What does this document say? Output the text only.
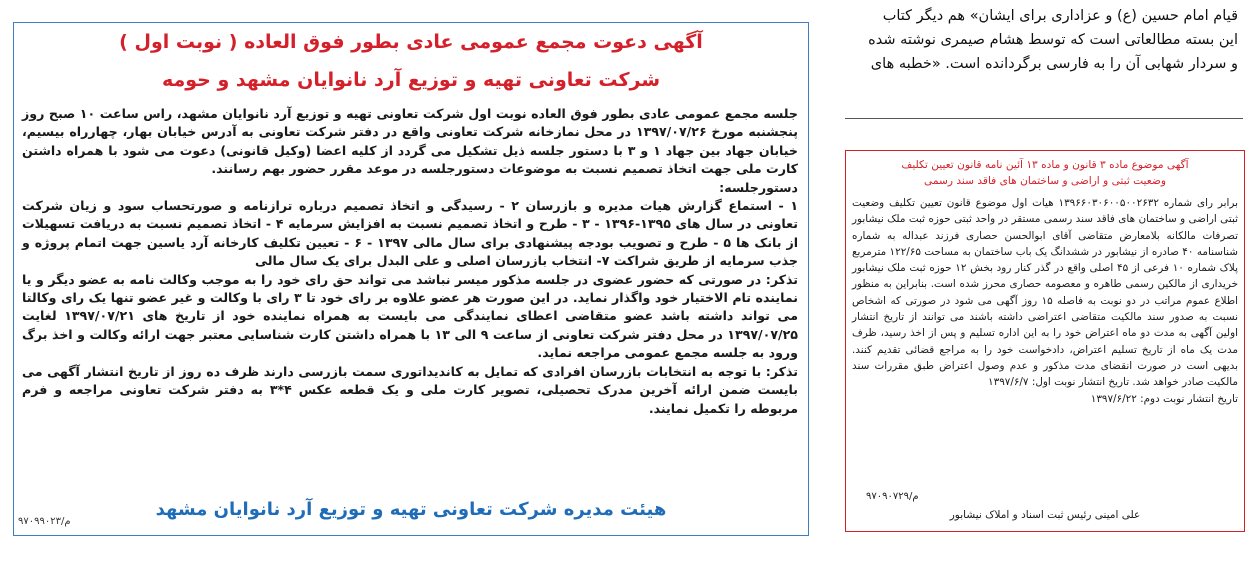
آگهی دعوت مجمع عمومی عادی بطور فوق العاده ( نوبت اول )
شرکت تعاونی تهیه و توزیع آرد نانوایان مشهد و حومه

جلسه مجمع عمومی عادی بطور فوق العاده نوبت اول شرکت تعاونی تهیه و توزیع آرد نانوایان مشهد، راس ساعت ۱۰ صبح روز پنجشنبه مورخ ۱۳۹۷/۰۷/۲۶ در محل نمازخانه شرکت تعاونی واقع در دفتر شرکت تعاونی به آدرس خیابان بهار، چهارراه بیسیم، خیابان جهاد بین جهاد ۱ و ۳ با دستور جلسه ذیل تشکیل می گردد از کلیه اعضا (وکیل قانونی) دعوت می شود با همراه داشتن کارت ملی جهت اتخاذ تصمیم نسبت به موضوعات دستورجلسه در موعد مقرر حضور بهم رسانند.

دستورجلسه:

۱ - استماع گزارش هیات مدیره و بازرسان ۲ - رسیدگی و اتخاذ تصمیم درباره ترازنامه و صورتحساب سود و زیان شرکت تعاونی در سال های ۱۳۹۵-۱۳۹۶ - ۳ - طرح و اتخاذ تصمیم نسبت به افزایش سرمایه ۴ - اتخاذ تصمیم نسبت به دریافت تسهیلات از بانک ها ۵ - طرح و تصویب بودجه پیشنهادی برای سال مالی ۱۳۹۷ - ۶ - تعیین تکلیف کارخانه آرد یاسین جهت اتمام پروژه و جذب سرمایه از طریق شراکت ۷- انتخاب بازرسان اصلی و علی البدل برای یک سال مالی

تذکر: در صورتی که حضور عضوی در جلسه مذکور میسر نباشد می تواند حق رای خود را به موجب وکالت نامه به عضو دیگر و یا نماینده تام الاختیار خود واگذار نماید. در این صورت هر عضو علاوه بر رای خود تا ۳ رای با وکالت و غیر عضو تنها یک رای وکالتا می تواند داشته باشد عضو متقاضی اعطای نمایندگی می بایست به همراه نماینده خود از تاریخ های ۱۳۹۷/۰۷/۲۱ لغایت ۱۳۹۷/۰۷/۲۵ در محل دفتر شرکت تعاونی از ساعت ۹ الی ۱۳ با همراه داشتن کارت شناسایی معتبر جهت ارائه وکالت و اخذ برگ ورود به جلسه مجمع عمومی مراجعه نماید.

تذکر: با توجه به انتخابات بازرسان افرادی که تمایل به کاندیداتوری سمت بازرسی دارند ظرف ده روز از تاریخ انتشار آگهی می بایست ضمن ارائه آخرین مدرک تحصیلی، تصویر کارت ملی و یک قطعه عکس ۴*۳ به دفتر شرکت تعاونی مراجعه و فرم مربوطه را تکمیل نمایند.

هیئت مدیره شرکت تعاونی تهیه و توزیع آرد نانوایان مشهد
۹۷۰۹۹۰۲۳/م

قیام امام حسین (ع) و عزاداری برای ایشان» هم دیگر کتاب

این بسته مطالعاتی است که توسط هشام صیمری نوشته شده

و سردار شهابی آن را به فارسی برگردانده است. «خطبه های

آگهی موضوع ماده ۳ قانون و ماده ۱۳ آئین نامه قانون تعیین تکلیف
وضعیت ثبتی و اراضی و ساختمان های فاقد سند رسمی

برابر رای شماره ۱۳۹۶۶۰۳۰۶۰۰۵۰۰۲۶۳۲ هیات اول موضوع قانون تعیین تکلیف وضعیت ثبتی اراضی و ساختمان های فاقد سند رسمی مستقر در واحد ثبتی حوزه ثبت ملک نیشابور تصرفات مالکانه بلامعارض متقاضی آقای ابوالحسن حصاری فرزند عبداله به شماره شناسنامه ۴۰ صادره از نیشابور در ششدانگ یک باب ساختمان به مساحت ۱۲۲/۶۵ مترمربع پلاک شماره ۱۰ فرعی از ۴۵ اصلی واقع در گذر کنار رود بخش ۱۲ حوزه ثبت ملک نیشابور خریداری از مالکین رسمی طاهره و معصومه حصاری محرز شده است. بنابراین به منظور اطلاع عموم مراتب در دو نوبت به فاصله ۱۵ روز آگهی می شود در صورتی که اشخاص نسبت به صدور سند مالکیت متقاضی اعتراضی داشته باشند می توانند از تاریخ انتشار اولین آگهی به مدت دو ماه اعتراض خود را به این اداره تسلیم و پس از اخذ رسید، ظرف مدت یک ماه از تاریخ تسلیم اعتراض، دادخواست خود را به مراجع قضائی تقدیم کنند. بدیهی است در صورت انقضای مدت مذکور و عدم وصول اعتراض طبق مقررات سند مالکیت صادر خواهد شد. تاریخ انتشار نوبت اول: ۱۳۹۷/۶/۷

تاریخ انتشار نوبت دوم: ۱۳۹۷/۶/۲۲

۹۷۰۹۰۷۲۹/م
علی امینی رئیس ثبت اسناد و املاک نیشابور
